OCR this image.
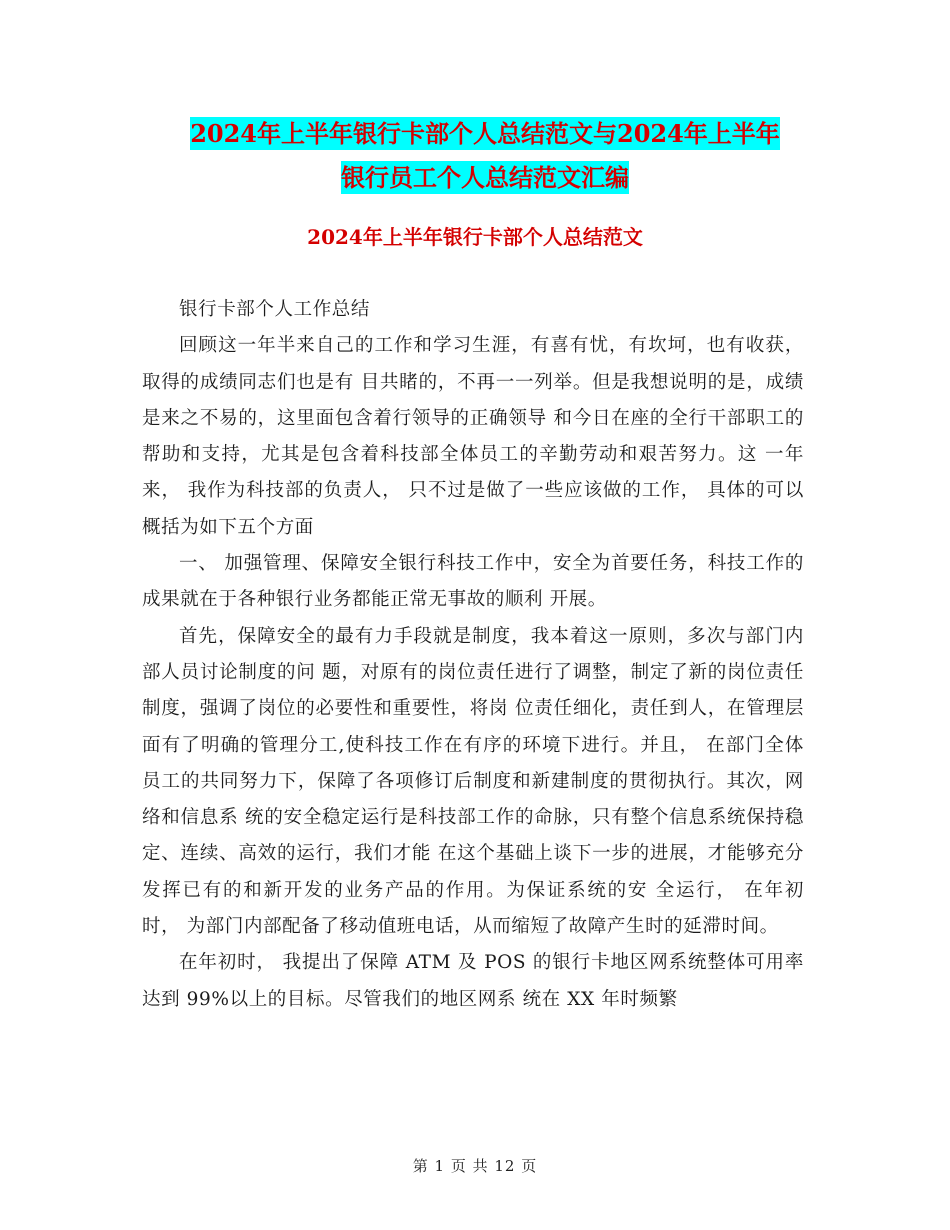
2024年上半年银行卡部个人总结范文与2024年上半年
银行员工个人总结范文汇编
2024年上半年银行卡部个人总结范文

银行卡部个人工作总结

回顾这一年半来自己的工作和学习生涯，有喜有忧，有坎坷，也有收获，取得的成绩同志们也是有 目共睹的，不再一一列举。但是我想说明的是，成绩是来之不易的，这里面包含着行领导的正确领导 和今日在座的全行干部职工的帮助和支持，尤其是包含着科技部全体员工的辛勤劳动和艰苦努力。这 一年来， 我作为科技部的负责人， 只不过是做了一些应该做的工作， 具体的可以概括为如下五个方面

一、 加强管理、保障安全银行科技工作中，安全为首要任务，科技工作的成果就在于各种银行业务都能正常无事故的顺利 开展。

首先，保障安全的最有力手段就是制度，我本着这一原则，多次与部门内部人员讨论制度的问 题，对原有的岗位责任进行了调整，制定了新的岗位责任制度，强调了岗位的必要性和重要性，将岗 位责任细化，责任到人，在管理层面有了明确的管理分工,使科技工作在有序的环境下进行。并且， 在部门全体员工的共同努力下，保障了各项修订后制度和新建制度的贯彻执行。其次，网络和信息系 统的安全稳定运行是科技部工作的命脉，只有整个信息系统保持稳定、连续、高效的运行，我们才能 在这个基础上谈下一步的进展，才能够充分发挥已有的和新开发的业务产品的作用。为保证系统的安 全运行， 在年初时， 为部门内部配备了移动值班电话，从而缩短了故障产生时的延滞时间。

在年初时， 我提出了保障 ATM 及 POS 的银行卡地区网系统整体可用率达到 99%以上的目标。尽管我们的地区网系 统在 XX 年时频繁

第 1 页 共 12 页
